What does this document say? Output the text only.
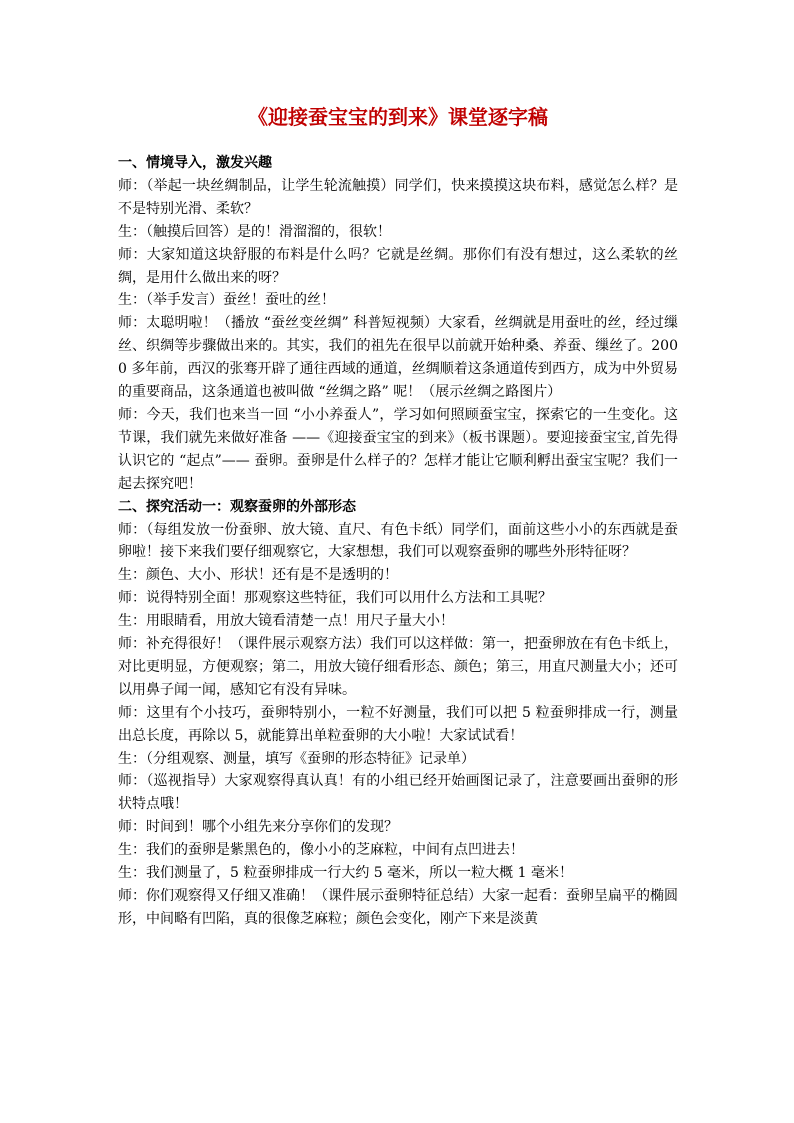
《迎接蚕宝宝的到来》课堂逐字稿
一、情境导入，激发兴趣

师：（举起一块丝绸制品，让学生轮流触摸）同学们，快来摸摸这块布料，感觉怎么样？是不是特别光滑、柔软？

生：（触摸后回答）是的！滑溜溜的，很软！

师：大家知道这块舒服的布料是什么吗？它就是丝绸。那你们有没有想过，这么柔软的丝绸，是用什么做出来的呀？

生：（举手发言）蚕丝！蚕吐的丝！

师：太聪明啦！（播放 “蚕丝变丝绸” 科普短视频）大家看，丝绸就是用蚕吐的丝，经过缫丝、织绸等步骤做出来的。其实，我们的祖先在很早以前就开始种桑、养蚕、缫丝了。2000 多年前，西汉的张骞开辟了通往西域的通道，丝绸顺着这条通道传到西方，成为中外贸易的重要商品，这条通道也被叫做 “丝绸之路” 呢！（展示丝绸之路图片）

师：今天，我们也来当一回 “小小养蚕人”，学习如何照顾蚕宝宝，探索它的一生变化。这节课，我们就先来做好准备 ——《迎接蚕宝宝的到来》（板书课题）。要迎接蚕宝宝,首先得认识它的 “起点”—— 蚕卵。蚕卵是什么样子的？怎样才能让它顺利孵出蚕宝宝呢？我们一起去探究吧！

二、探究活动一：观察蚕卵的外部形态

师：（每组发放一份蚕卵、放大镜、直尺、有色卡纸）同学们，面前这些小小的东西就是蚕卵啦！接下来我们要仔细观察它，大家想想，我们可以观察蚕卵的哪些外形特征呀？

生：颜色、大小、形状！还有是不是透明的！

师：说得特别全面！那观察这些特征，我们可以用什么方法和工具呢？

生：用眼睛看，用放大镜看清楚一点！用尺子量大小！

师：补充得很好！（课件展示观察方法）我们可以这样做：第一，把蚕卵放在有色卡纸上，对比更明显，方便观察；第二，用放大镜仔细看形态、颜色；第三，用直尺测量大小；还可以用鼻子闻一闻，感知它有没有异味。

师：这里有个小技巧，蚕卵特别小，一粒不好测量，我们可以把 5 粒蚕卵排成一行，测量出总长度，再除以 5，就能算出单粒蚕卵的大小啦！大家试试看！

生：（分组观察、测量，填写《蚕卵的形态特征》记录单）

师：（巡视指导）大家观察得真认真！有的小组已经开始画图记录了，注意要画出蚕卵的形状特点哦！

师：时间到！哪个小组先来分享你们的发现？

生：我们的蚕卵是紫黑色的，像小小的芝麻粒，中间有点凹进去！

生：我们测量了，5 粒蚕卵排成一行大约 5 毫米，所以一粒大概 1 毫米！

师：你们观察得又仔细又准确！（课件展示蚕卵特征总结）大家一起看：蚕卵呈扁平的椭圆形，中间略有凹陷，真的很像芝麻粒；颜色会变化，刚产下来是淡黄
